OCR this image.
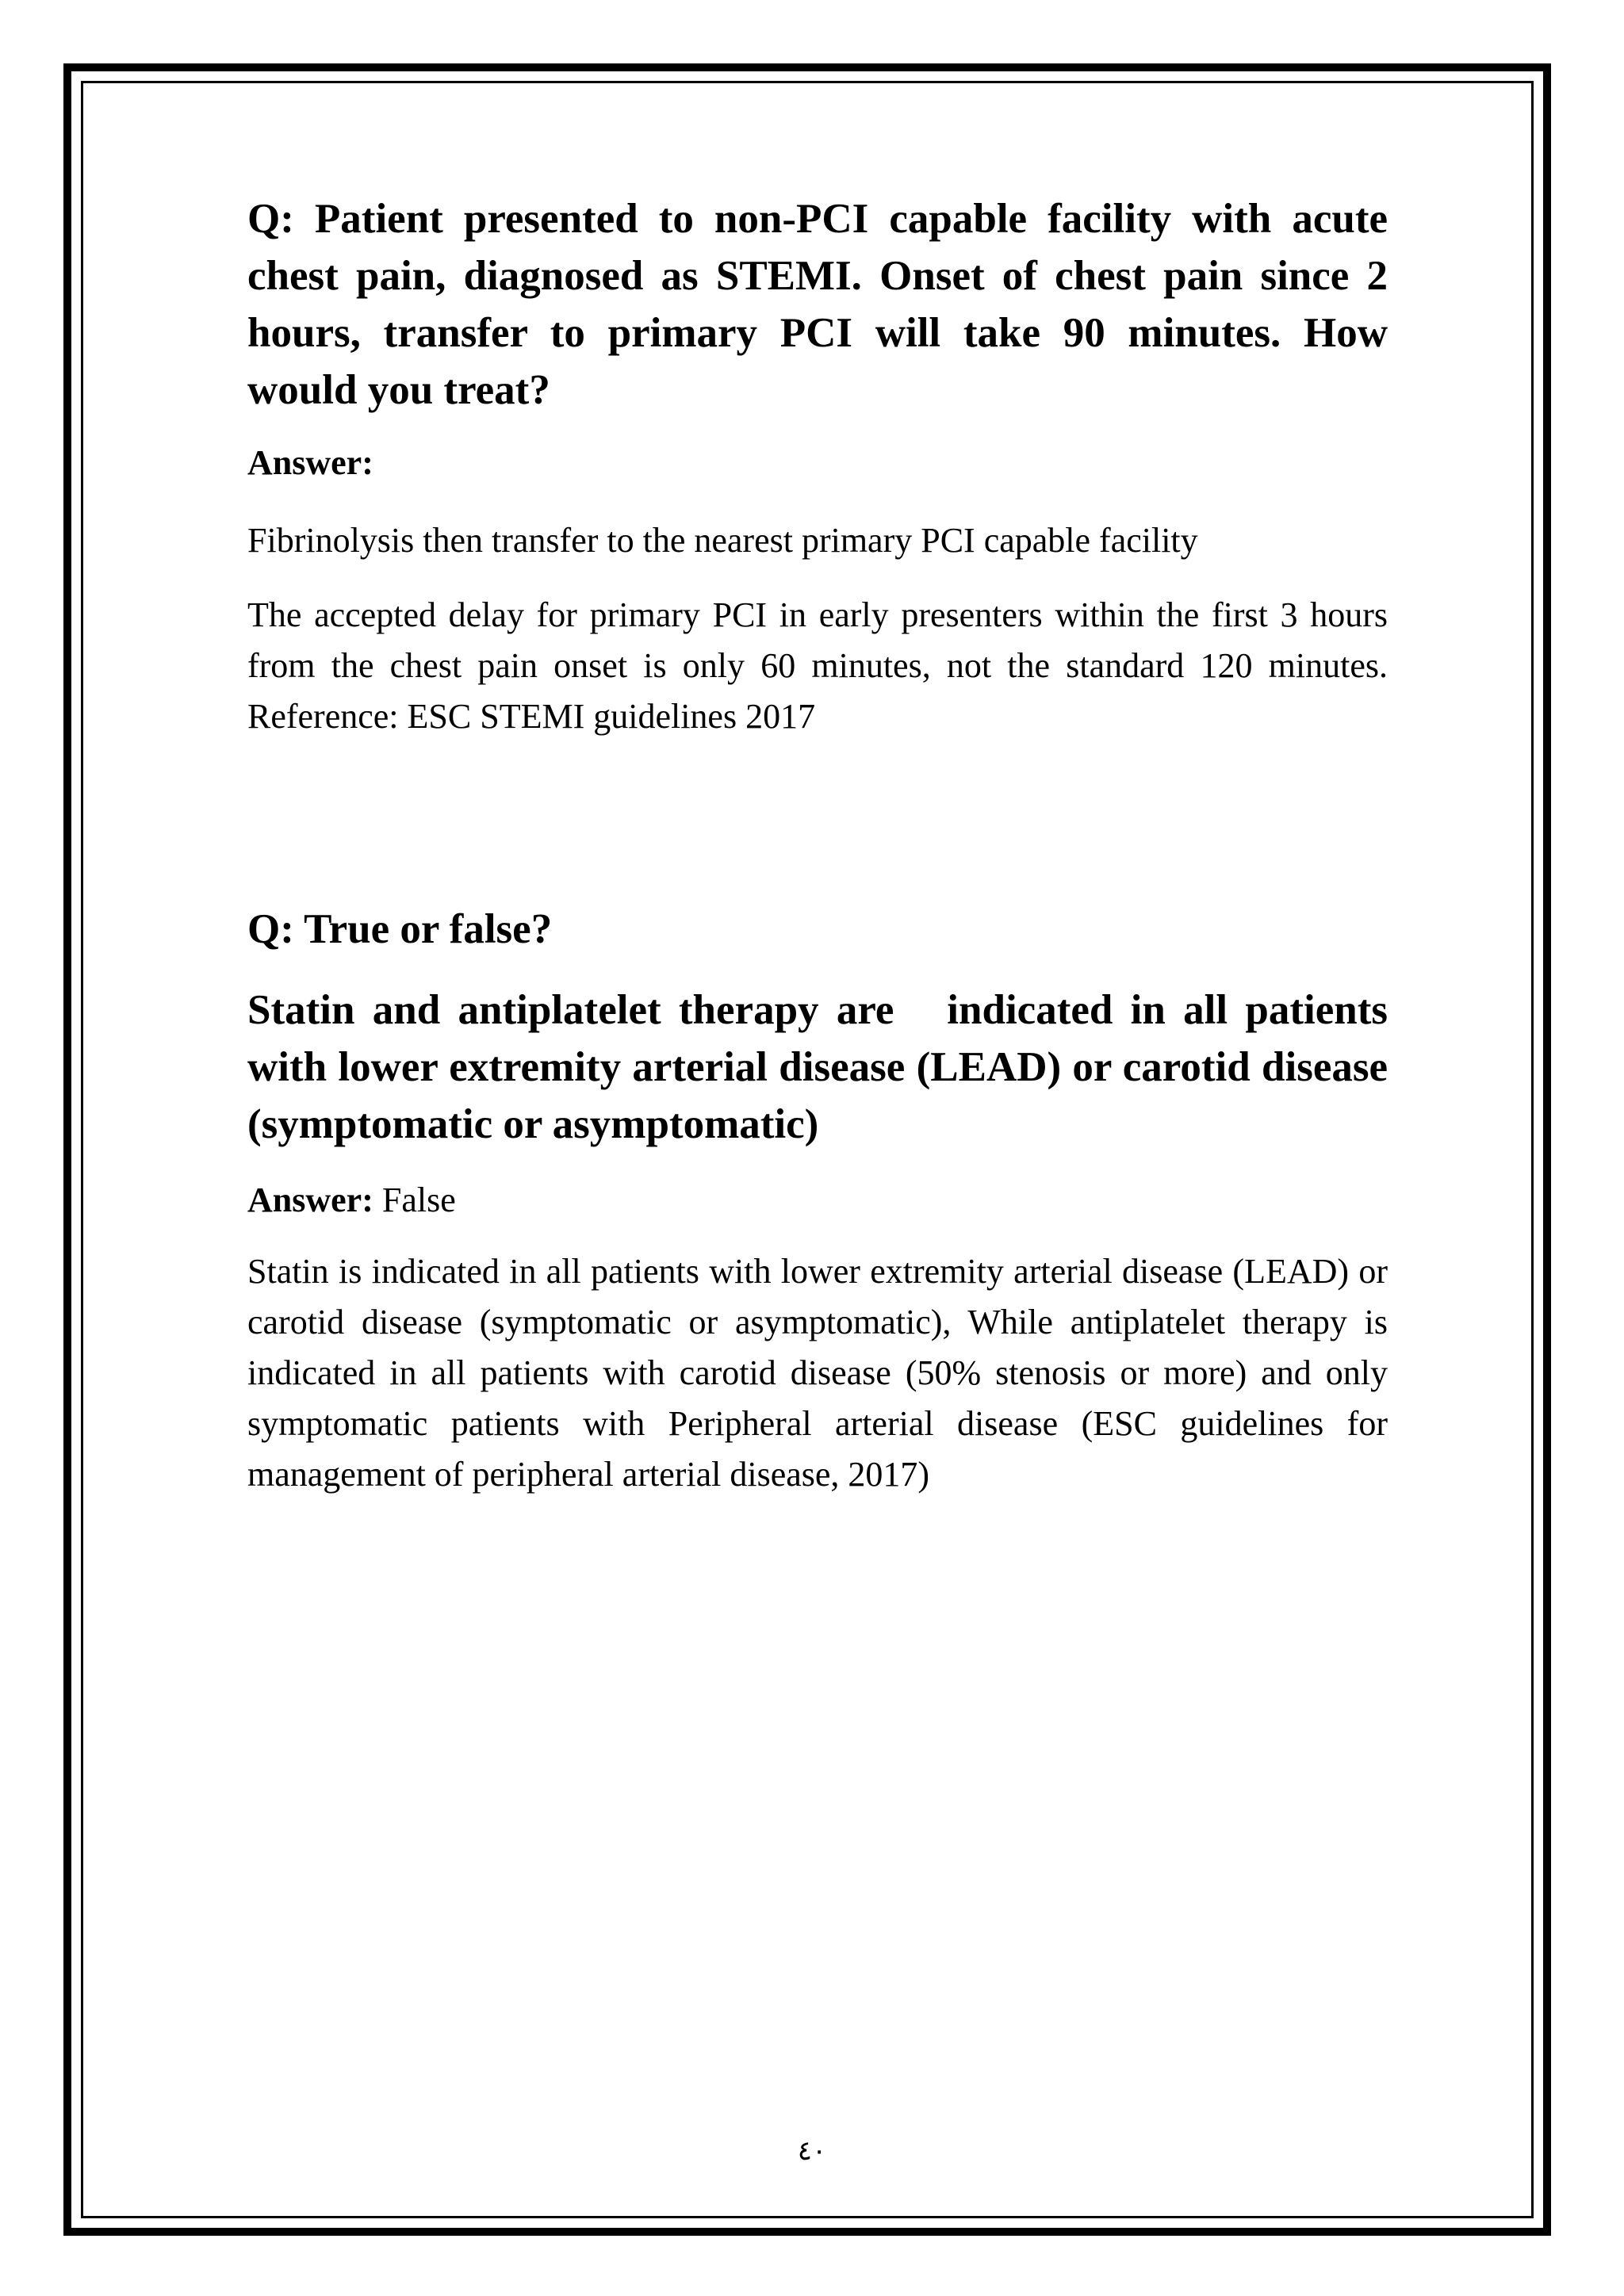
Q: Patient presented to non-PCI capable facility with acute chest pain, diagnosed as STEMI. Onset of chest pain since 2 hours, transfer to primary PCI will take 90 minutes. How would you treat?

Answer:

Fibrinolysis then transfer to the nearest primary PCI capable facility

The accepted delay for primary PCI in early presenters within the first 3 hours from the chest pain onset is only 60 minutes, not the standard 120 minutes. Reference: ESC STEMI guidelines 2017

Q: True or false?

Statin and antiplatelet therapy are   indicated in all patients with lower extremity arterial disease (LEAD) or carotid disease (symptomatic or asymptomatic)

Answer: False

Statin is indicated in all patients with lower extremity arterial disease (LEAD) or carotid disease (symptomatic or asymptomatic), While antiplatelet therapy is indicated in all patients with carotid disease (50% stenosis or more) and only symptomatic patients with Peripheral arterial disease (ESC guidelines for management of peripheral arterial disease, 2017)

٤٠
